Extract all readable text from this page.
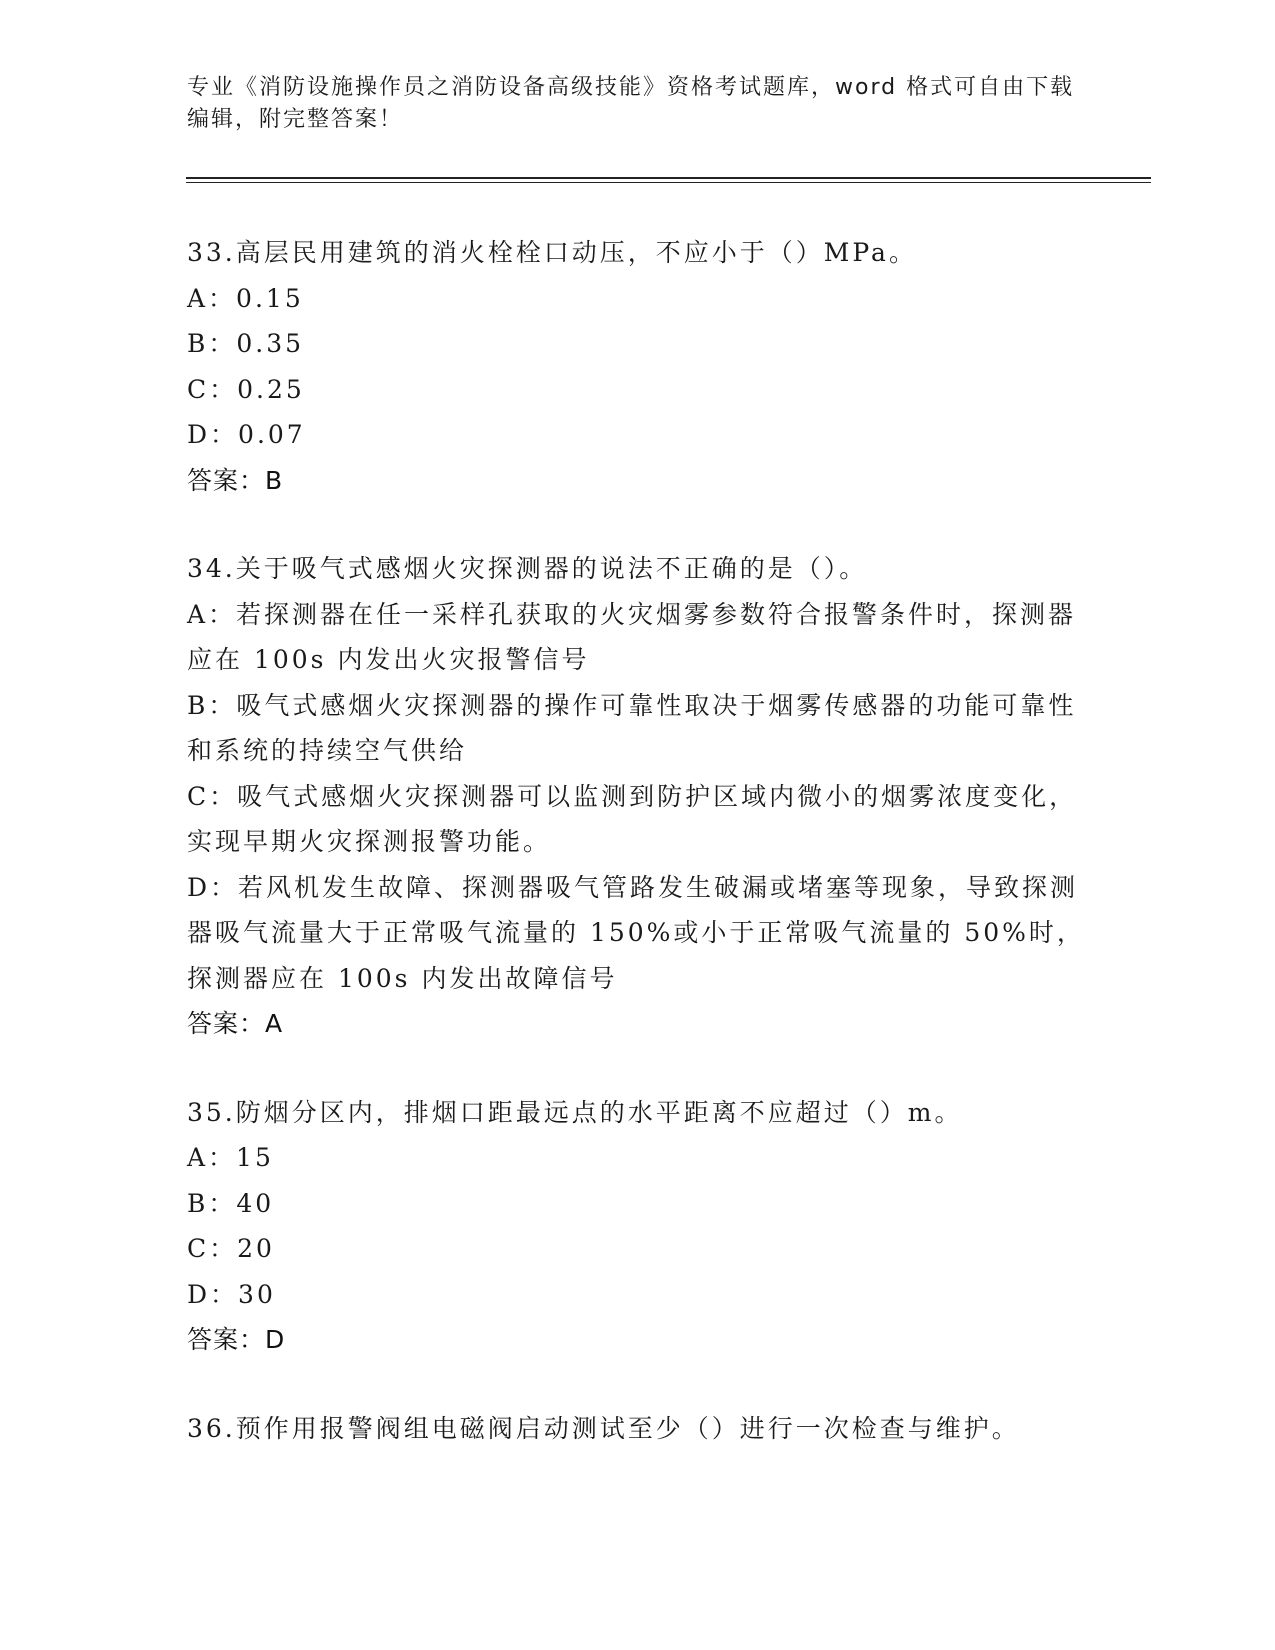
专业《消防设施操作员之消防设备高级技能》资格考试题库，word 格式可自由下载编辑，附完整答案！
33.高层民用建筑的消火栓栓口动压，不应小于（）MPa。
A：0.15
B：0.35
C：0.25
D：0.07
答案：B
34.关于吸气式感烟火灾探测器的说法不正确的是（）。
A：若探测器在任一采样孔获取的火灾烟雾参数符合报警条件时，探测器应在 100s 内发出火灾报警信号
B：吸气式感烟火灾探测器的操作可靠性取决于烟雾传感器的功能可靠性和系统的持续空气供给
C：吸气式感烟火灾探测器可以监测到防护区域内微小的烟雾浓度变化，实现早期火灾探测报警功能。
D：若风机发生故障、探测器吸气管路发生破漏或堵塞等现象，导致探测器吸气流量大于正常吸气流量的 150%或小于正常吸气流量的 50%时，探测器应在 100s 内发出故障信号
答案：A
35.防烟分区内，排烟口距最远点的水平距离不应超过（）m。
A：15
B：40
C：20
D：30
答案：D
36.预作用报警阀组电磁阀启动测试至少（）进行一次检查与维护。
